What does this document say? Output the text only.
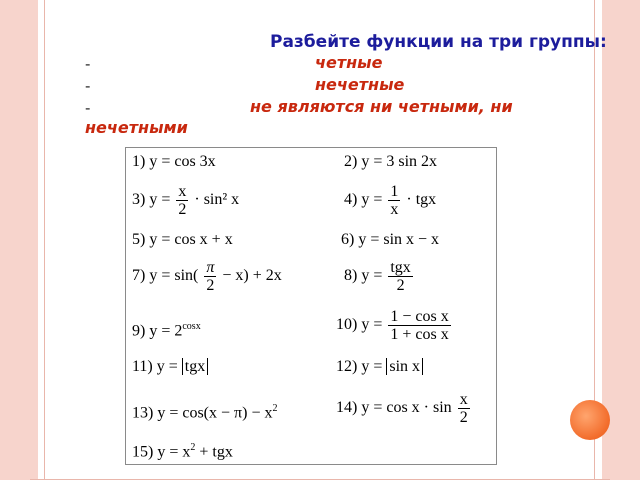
Разбейте функции на три группы:
-	четные
-	нечетные
-	не являются ни четными, ни
нечетными
1) y = cos 3x	2) y = 3 sin 2x
3) $y = \frac{x}{2} \cdot \sin^2$ x	4) $y = \frac{1}{x}$ · tgx
5) y = cos x + x	6) y = sin x − x
7) $y = \sin( \frac{\pi}{2} - x) + 2x$	8) $y = \frac{\text{tgx}}{2}$
9) $y = 2^{cosx}$	10) $y = \frac{\text{1 − cos x}}{\text{1 + cos x}}$
11) y = tgx	12) y = sin x
13) $y = \cos(x - \pi) - x^2$	14) $y = \cos x \cdot \sin \frac{x}{2}$
15) $y = x^2$ + tgx
